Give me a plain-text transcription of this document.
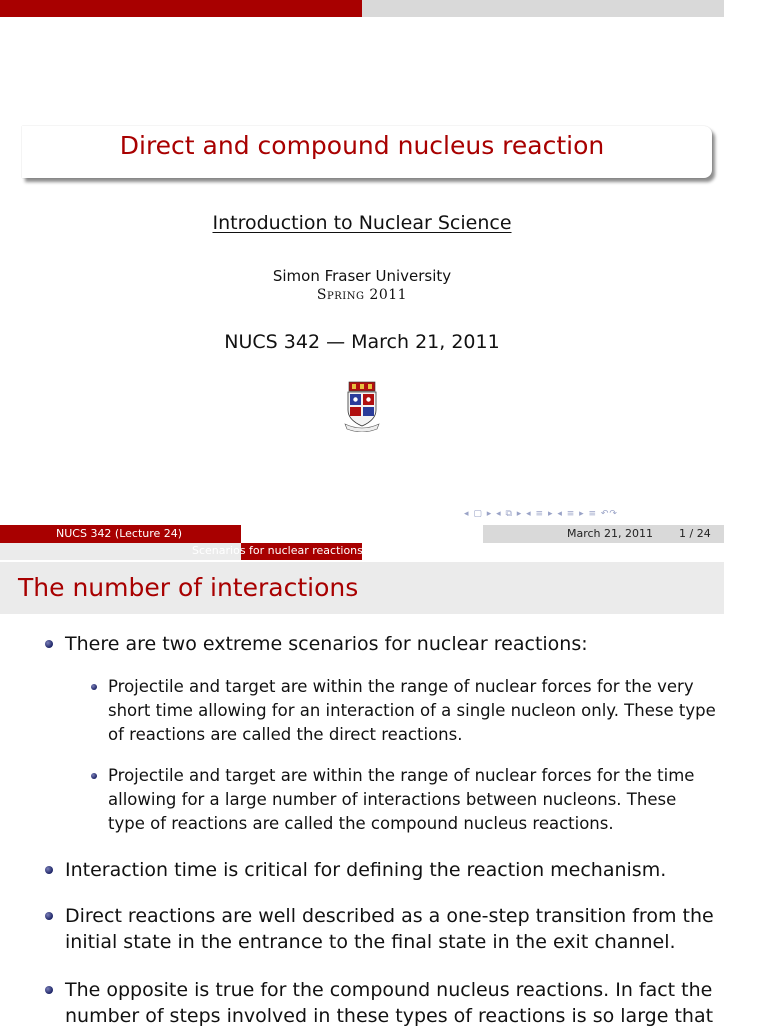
Direct and compound nucleus reaction
Introduction to Nuclear Science
Simon Fraser University
Spring 2011
NUCS 342 — March 21, 2011
◂ ▢ ▸ ◂ ⧉ ▸ ◂ ≡ ▸ ◂ ≡ ▸ ≡ ↶↷
NUCS 342 (Lecture 24)
Scenarios for nuclear reactions
March 21, 2011 1 / 24
The number of interactions
There are two extreme scenarios for nuclear reactions:
Projectile and target are within the range of nuclear forces for the very short time allowing for an interaction of a single nucleon only. These type of reactions are called the direct reactions.
Projectile and target are within the range of nuclear forces for the time allowing for a large number of interactions between nucleons. These type of reactions are called the compound nucleus reactions.
Interaction time is critical for defining the reaction mechanism.
Direct reactions are well described as a one-step transition from the initial state in the entrance to the final state in the exit channel.
The opposite is true for the compound nucleus reactions. In fact the number of steps involved in these types of reactions is so large that
